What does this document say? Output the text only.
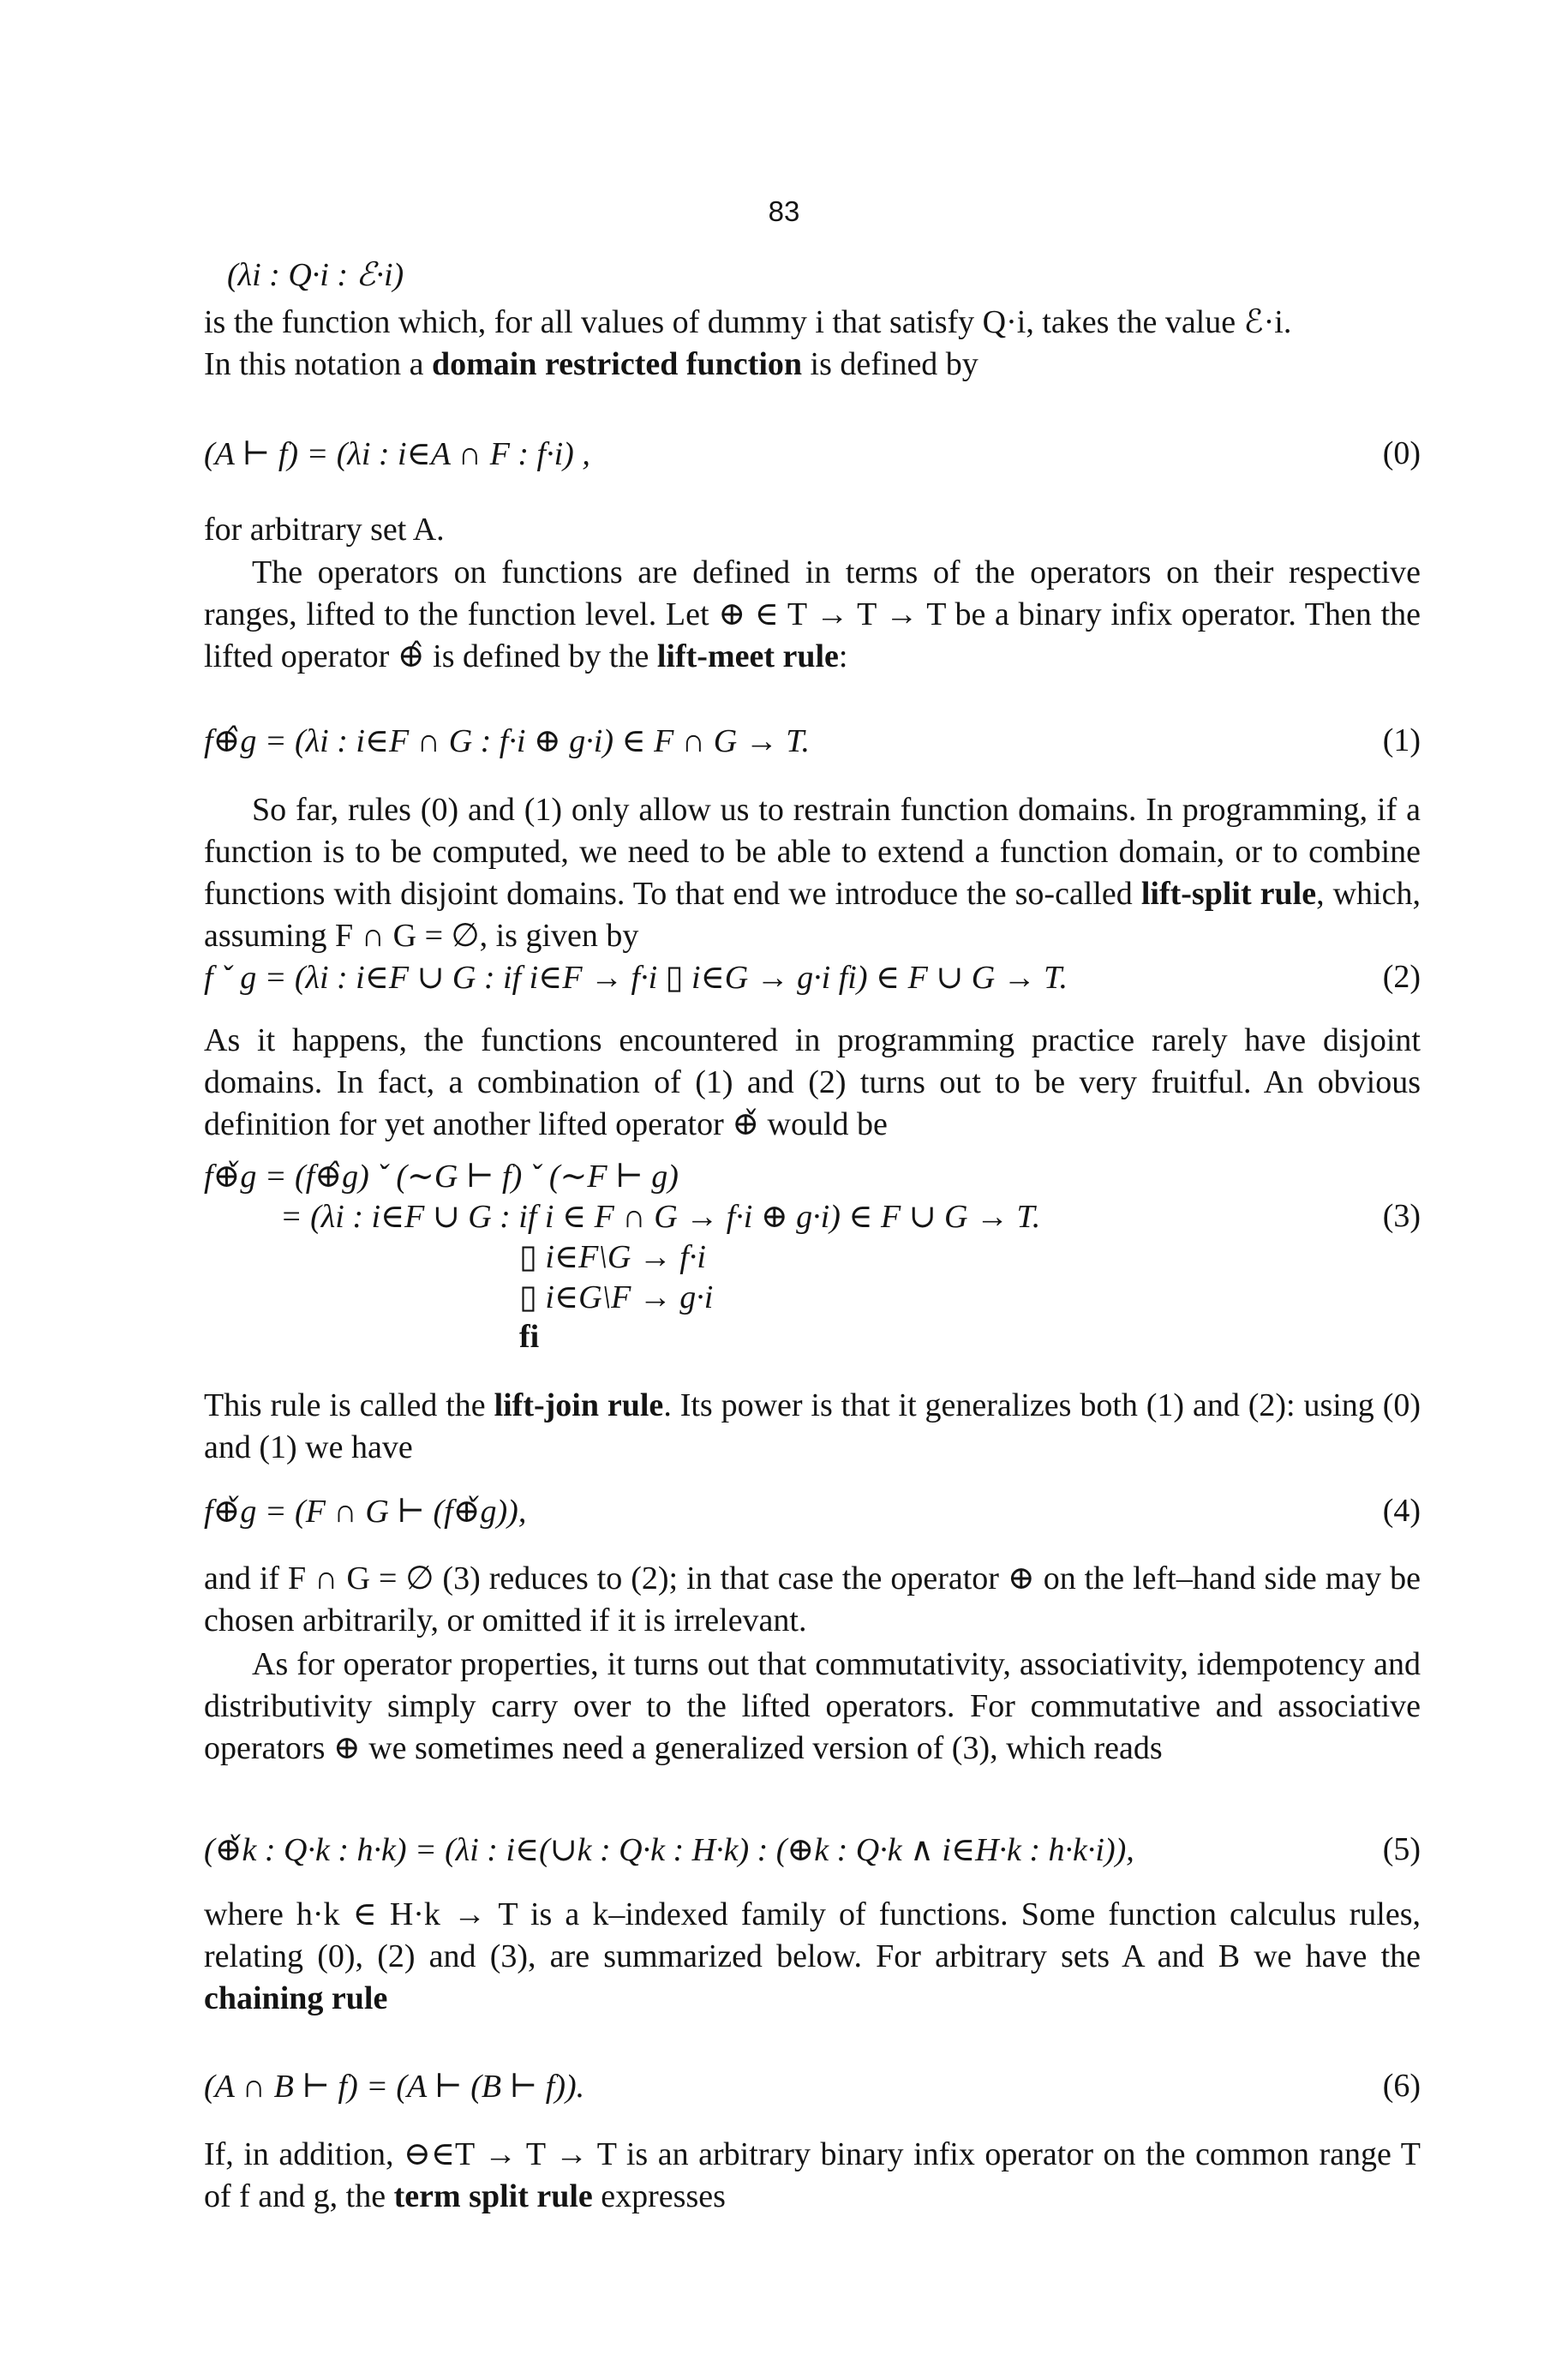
83
(λi : Q·i : ℰ·i)
is the function which, for all values of dummy i that satisfy Q·i, takes the value ℰ·i.
In this notation a domain restricted function is defined by
(A ⊢ f) = (λi : i∈A ∩ F : f·i) ,	(0)
for arbitrary set A.
The operators on functions are defined in terms of the operators on their respective ranges, lifted to the function level. Let ⊕ ∈ T → T → T be a binary infix operator. Then the lifted operator ⊕̂ is defined by the lift-meet rule:
f⊕̂g = (λi : i∈F ∩ G : f·i ⊕ g·i) ∈ F ∩ G → T.	(1)
So far, rules (0) and (1) only allow us to restrain function domains. In programming, if a function is to be computed, we need to be able to extend a function domain, or to combine functions with disjoint domains. To that end we introduce the so-called lift-split rule, which, assuming F ∩ G = ∅, is given by
f ˇ g = (λi : i∈F ∪ G : if i∈F → f·i ▯ i∈G → g·i fi) ∈ F ∪ G → T.	(2)
As it happens, the functions encountered in programming practice rarely have disjoint domains. In fact, a combination of (1) and (2) turns out to be very fruitful. An obvious definition for yet another lifted operator ⊕̌ would be
f⊕̌g = (f⊕̂g) ˇ (∼G ⊢ f) ˇ (∼F ⊢ g)
= (λi : i∈F ∪ G : if i ∈ F ∩ G → f·i ⊕ g·i) ∈ F ∪ G → T.	(3)
▯ i∈F\G → f·i
▯ i∈G\F → g·i
fi
This rule is called the lift-join rule. Its power is that it generalizes both (1) and (2): using (0) and (1) we have
f⊕̌g = (F ∩ G ⊢ (f⊕̌g)),	(4)
and if F ∩ G = ∅ (3) reduces to (2); in that case the operator ⊕ on the left–hand side may be chosen arbitrarily, or omitted if it is irrelevant.
As for operator properties, it turns out that commutativity, associativity, idempotency and distributivity simply carry over to the lifted operators. For commutative and associative operators ⊕ we sometimes need a generalized version of (3), which reads
(⊕̌k : Q·k : h·k) = (λi : i∈(∪k : Q·k : H·k) : (⊕k : Q·k ∧ i∈H·k : h·k·i)),	(5)
where h·k ∈ H·k → T is a k–indexed family of functions. Some function calculus rules, relating (0), (2) and (3), are summarized below. For arbitrary sets A and B we have the chaining rule
(A ∩ B ⊢ f) = (A ⊢ (B ⊢ f)).	(6)
If, in addition, ⊖∈T → T → T is an arbitrary binary infix operator on the common range T of f and g, the term split rule expresses
